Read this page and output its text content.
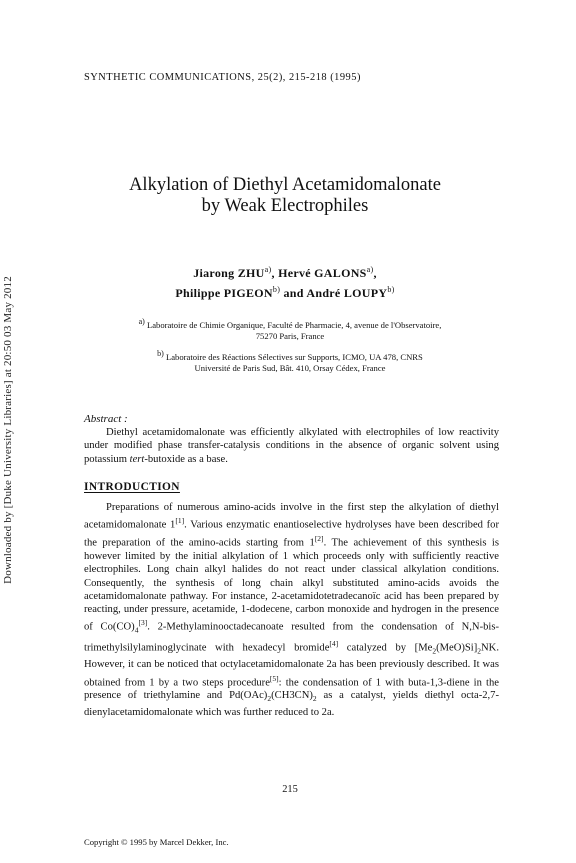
Downloaded by [Duke University Libraries] at 20:50 03 May 2012
SYNTHETIC COMMUNICATIONS, 25(2), 215-218 (1995)
Alkylation of Diethyl Acetamidomalonate
by Weak Electrophiles
Jiarong ZHU$^{a)}$, Hervé GALONS$^{a)}$,
Philippe PIGEON$^{b)}$ and André LOUPY$^{b)}$
$^{a)}$ Laboratoire de Chimie Organique, Faculté de Pharmacie, 4, avenue de l'Observatoire,
75270 Paris, France
$^{b)}$ Laboratoire des Réactions Sélectives sur Supports, ICMO, UA 478, CNRS
Université de Paris Sud, Bât. 410, Orsay Cédex, France
Abstract :

Diethyl acetamidomalonate was efficiently alkylated with electrophiles of low reactivity under modified phase transfer-catalysis conditions in the absence of organic solvent using potassium tert-butoxide as a base.

INTRODUCTION

Preparations of numerous amino-acids involve in the first step the alkylation of diethyl acetamidomalonate 1[1]. Various enzymatic enantioselective hydrolyses have been described for the preparation of the amino-acids starting from 1[2]. The achievement of this synthesis is however limited by the initial alkylation of 1 which proceeds only with sufficiently reactive electrophiles. Long chain alkyl halides do not react under classical alkylation conditions. Consequently, the synthesis of long chain alkyl substituted amino-acids avoids the acetamidomalonate pathway. For instance, 2-acetamidotetradecanoïc acid has been prepared by reacting, under pressure, acetamide, 1-dodecene, carbon monoxide and hydrogen in the presence of $Co(CO)_4[3]$. 2-Methylaminooctadecanoate resulted from the condensation of N,N-bis-trimethylsilylaminoglycinate with hexadecyl bromide[4] catalyzed by $[Me_2(MeO)Si]_2NK$. However, it can be noticed that octylacetamidomalonate 2a has been previously described. It was obtained from 1 by a two steps procedure[5]: the condensation of 1 with buta-1,3-diene in the presence of triethylamine and $Pd(OAc)_2(CH3CN)_2$ as a catalyst, yields diethyl octa-2,7-dienylacetamidomalonate which was further reduced to 2a.

215
Copyright © 1995 by Marcel Dekker, Inc.
